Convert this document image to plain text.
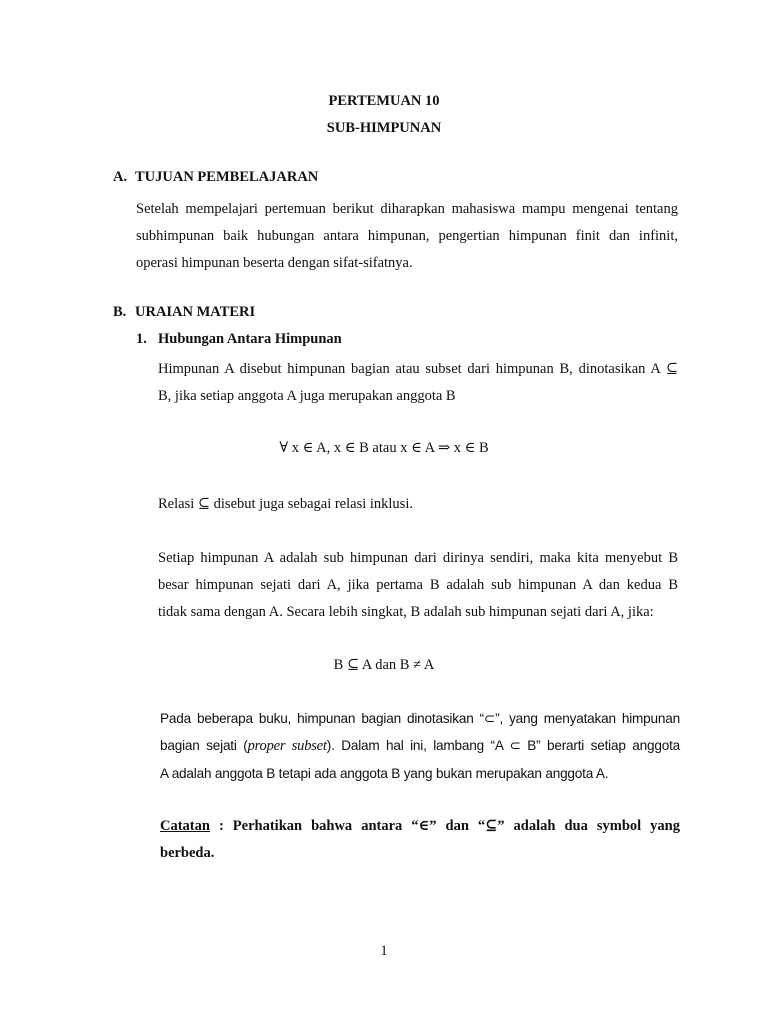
PERTEMUAN 10
SUB-HIMPUNAN
A. TUJUAN PEMBELAJARAN
Setelah mempelajari pertemuan berikut diharapkan mahasiswa mampu mengenai tentang
subhimpunan baik hubungan antara himpunan, pengertian himpunan finit dan infinit,
operasi himpunan beserta dengan sifat-sifatnya.
B. URAIAN MATERI
1. Hubungan Antara Himpunan
Himpunan A disebut himpunan bagian atau subset dari himpunan B, dinotasikan A ⊆
B, jika setiap anggota A juga merupakan anggota B
∀ x ∈ A, x ∈ B atau x ∈ A ⇒ x ∈ B
Relasi ⊆ disebut juga sebagai relasi inklusi.
Setiap himpunan A adalah sub himpunan dari dirinya sendiri, maka kita menyebut B
besar himpunan sejati dari A, jika pertama B adalah sub himpunan A dan kedua B
tidak sama dengan A. Secara lebih singkat, B adalah sub himpunan sejati dari A, jika:
B ⊆ A dan B ≠ A
Pada beberapa buku, himpunan bagian dinotasikan “⊂”, yang menyatakan himpunan
bagian sejati (proper subset). Dalam hal ini, lambang “A ⊂ B” berarti setiap anggota
A adalah anggota B tetapi ada anggota B yang bukan merupakan anggota A.
Catatan : Perhatikan bahwa antara “∈” dan “⊆” adalah dua symbol yang
berbeda.
1
